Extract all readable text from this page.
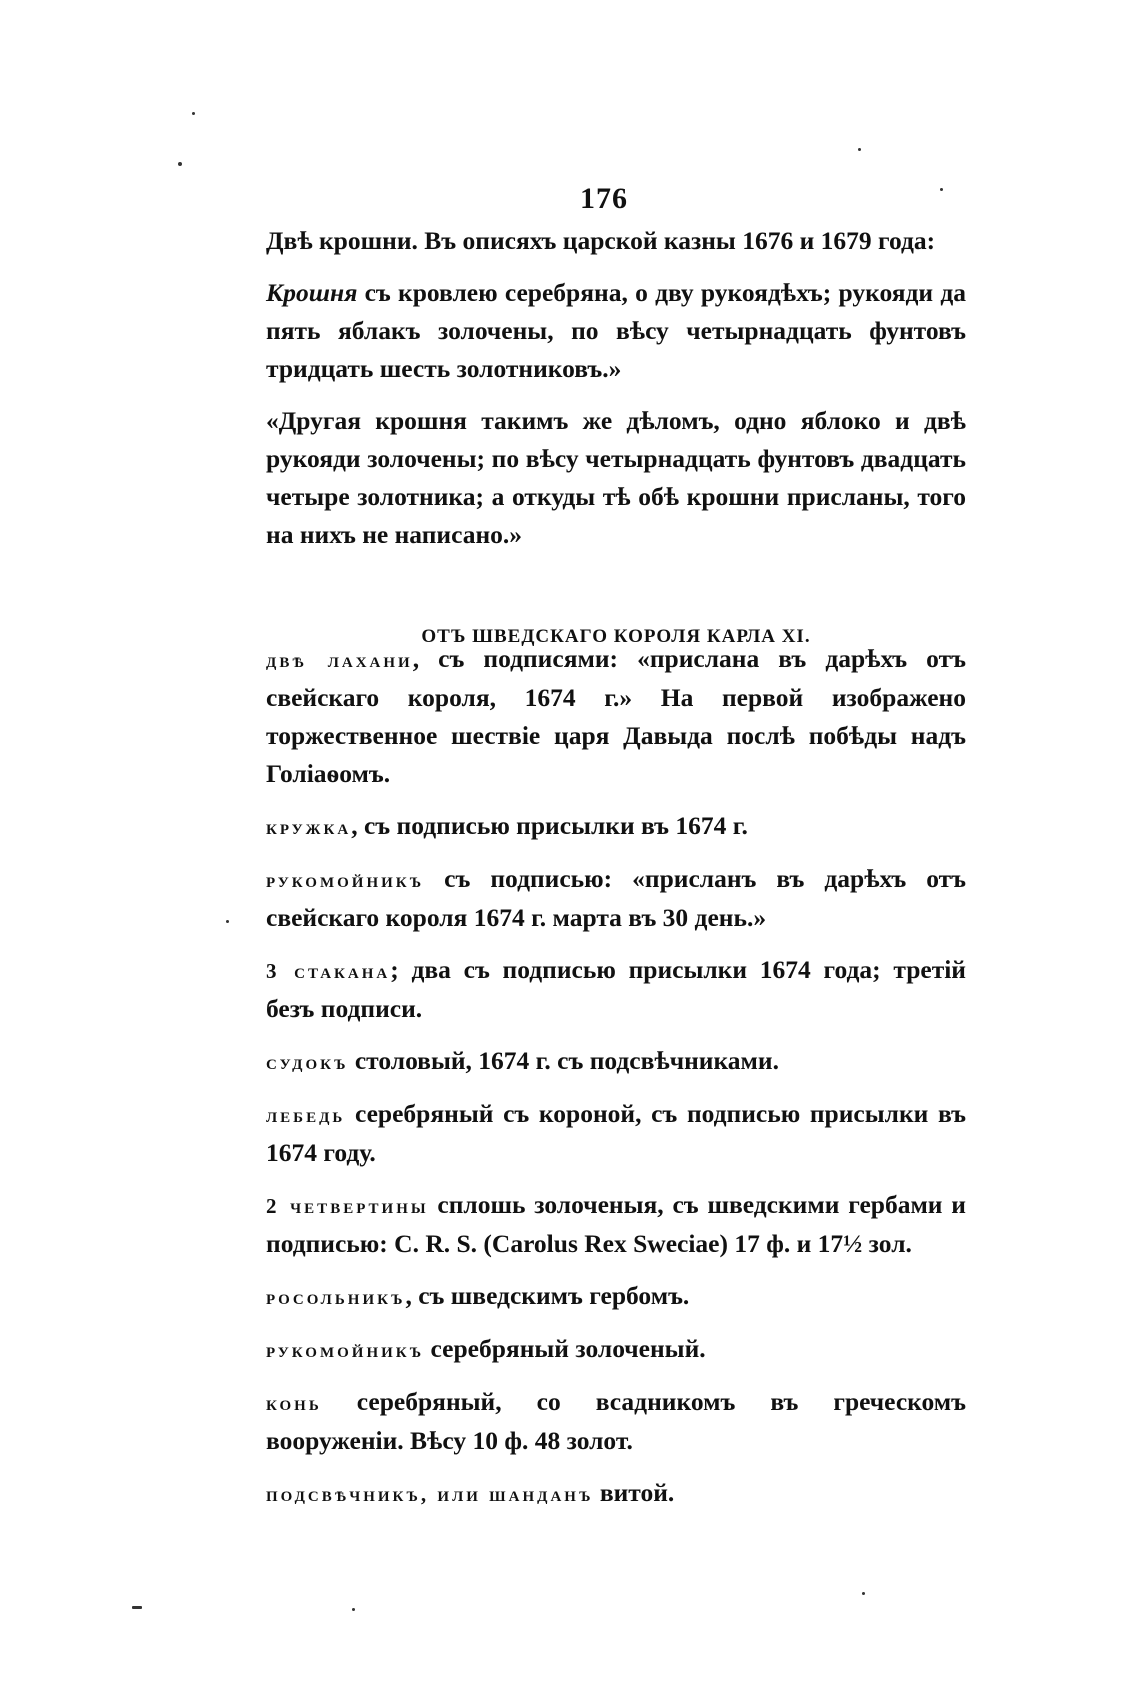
176

Двѣ крошни. Въ описяхъ царской казны 1676 и 1679 года:

Крошня съ кровлею серебряна, о дву рукоядѣхъ; рукояди да пять яблакъ золочены, по вѣсу четырнадцать фунтовъ тридцать шесть золотниковъ.»

«Другая крошня такимъ же дѣломъ, одно яблоко и двѣ рукояди золочены; по вѣсу четырнадцать фунтовъ двадцать четыре золотника; а откуды тѣ обѣ крошни присланы, того на нихъ не написано.»

ОТЪ ШВЕДСКАГО КОРОЛЯ КАРЛА XI.

двѣ лахани, съ подписями: «прислана въ дарѣхъ отъ свейскаго короля, 1674 г.» На первой изображено торжественное шествіе царя Давыда послѣ побѣды надъ Голіаѳомъ.

кружка, съ подписью присылки въ 1674 г.

рукомойникъ съ подписью: «присланъ въ дарѣхъ отъ свейскаго короля 1674 г. марта въ 30 день.»

3 стакана; два съ подписью присылки 1674 года; третій безъ подписи.

судокъ столовый, 1674 г. съ подсвѣчниками.

лебедь серебряный съ короной, съ подписью присылки въ 1674 году.

2 четвертины сплошь золоченыя, съ шведскими гербами и подписью: C. R. S. (Carolus Rex Sweciae) 17 ф. и 17½ зол.

росольникъ, съ шведскимъ гербомъ.

рукомойникъ серебряный золоченый.

конь серебряный, со всадникомъ въ греческомъ вооруженіи. Вѣсу 10 ф. 48 золот.

подсвѣчникъ, или шанданъ витой.
